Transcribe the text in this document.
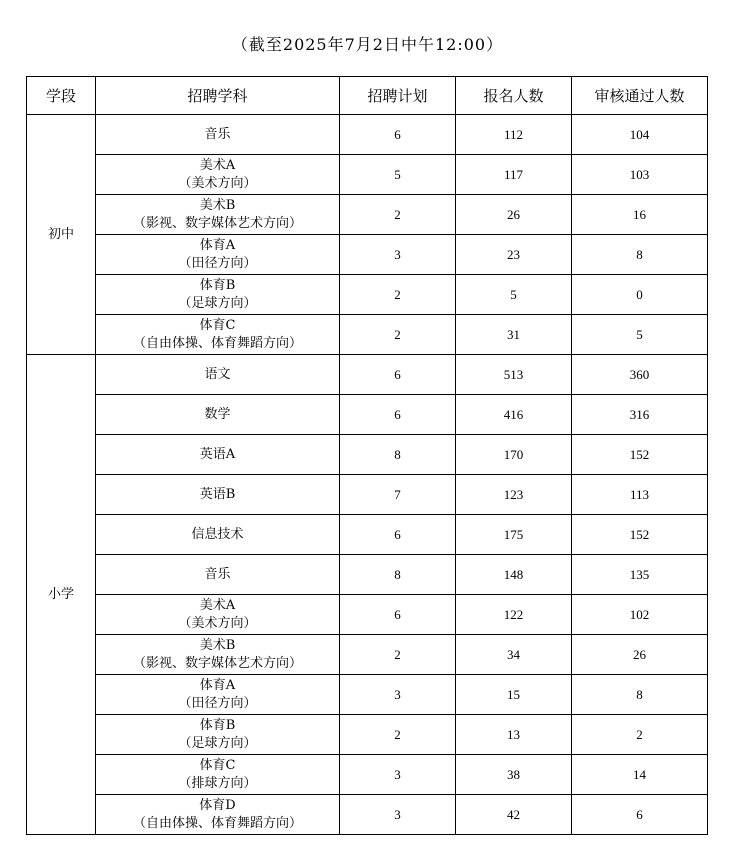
（截至2025年7月2日中午12:00）
学段	招聘学科	招聘计划	报名人数	审核通过人数
初中	音乐	6	112	104

	美术A
（美术方向）	5	117	103

	美术B
（影视、数字媒体艺术方向）	2	26	16

	体育A
（田径方向）	3	23	8

	体育B
（足球方向）	2	5	0

	体育C
（自由体操、体育舞蹈方向）	2	31	5
小学	语文	6	513	360

	数学	6	416	316

	英语A	8	170	152

	英语B	7	123	113

	信息技术	6	175	152

	音乐	8	148	135

	美术A
（美术方向）	6	122	102

	美术B
（影视、数字媒体艺术方向）	2	34	26

	体育A
（田径方向）	3	15	8

	体育B
（足球方向）	2	13	2

	体育C
（排球方向）	3	38	14

	体育D
（自由体操、体育舞蹈方向）	3	42	6
